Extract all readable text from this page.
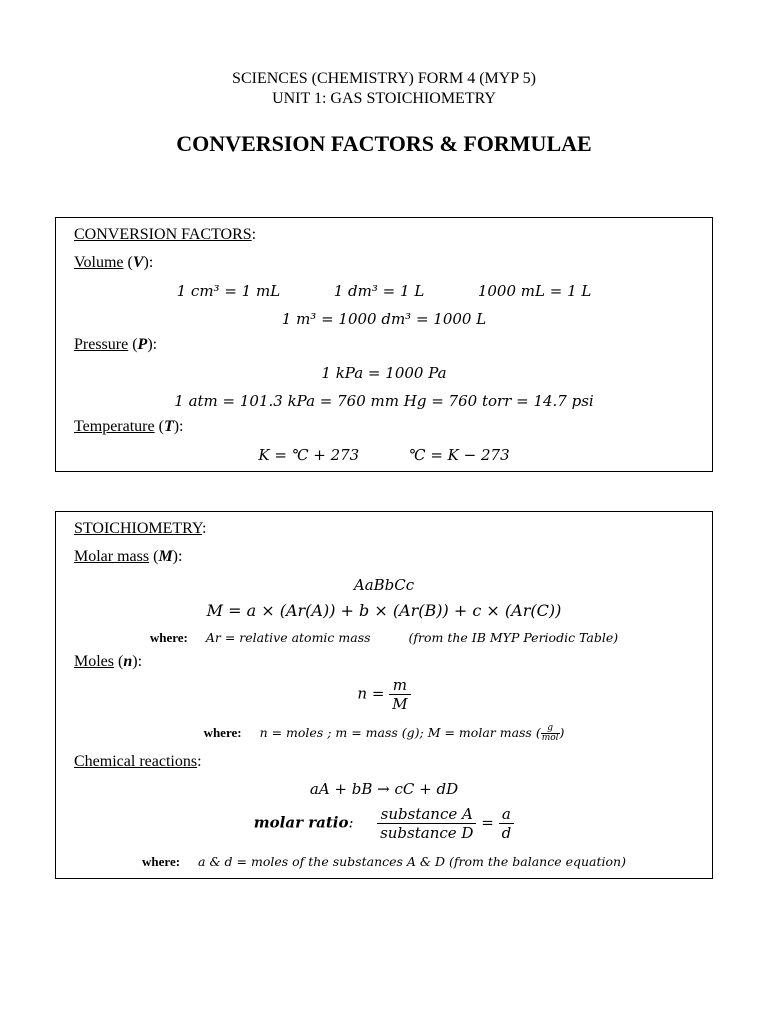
SCIENCES (CHEMISTRY) FORM 4 (MYP 5)
UNIT 1: GAS STOICHIOMETRY
CONVERSION FACTORS & FORMULAE
CONVERSION FACTORS:
Volume (V):
1 cm³ = 1 mL	1 dm³ = 1 L	1000 mL = 1 L
1 m³ = 1000 dm³ = 1000 L
Pressure (P):
1 kPa = 1000 Pa
1 atm = 101.3 kPa = 760 mm Hg = 760 torr = 14.7 psi
Temperature (T):
K = ℃ + 273	℃ = K − 273
STOICHIOMETRY:
Molar mass (M):
AaBbCc
M = a × (Ar(A)) + b × (Ar(B)) + c × (Ar(C))
where: Ar = relative atomic mass	(from the IB MYP Periodic Table)
Moles (n):
$n = \frac{m}{M}$
where: n = moles ; m = mass (g); M = molar mass ( $\frac{g}{\text{mol}}$ )
Chemical reactions:
aA + bB → cC + dD
molar ratio: $\frac{\text{substance A}}{\text{substance D}} = \frac{a}{d}$
where: a & d = moles of the substances A & D (from the balance equation)
